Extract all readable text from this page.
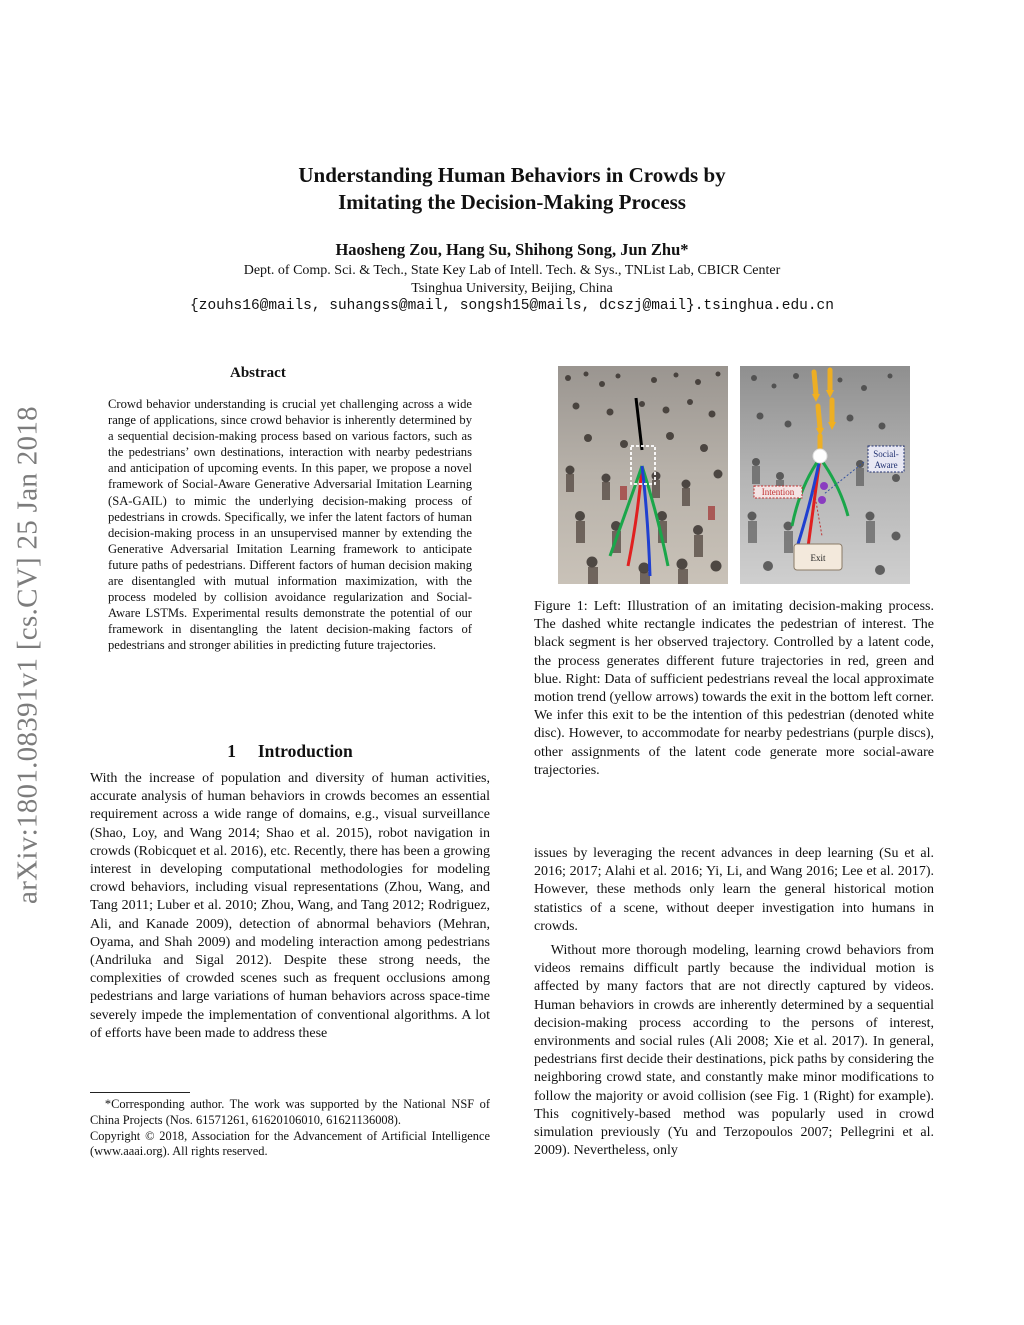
arXiv:1801.08391v1 [cs.CV] 25 Jan 2018
Understanding Human Behaviors in Crowds by
Imitating the Decision-Making Process
Haosheng Zou, Hang Su, Shihong Song, Jun Zhu*
Dept. of Comp. Sci. & Tech., State Key Lab of Intell. Tech. & Sys., TNList Lab, CBICR Center
Tsinghua University, Beijing, China
{zouhs16@mails, suhangss@mail, songsh15@mails, dcszj@mail}.tsinghua.edu.cn
Abstract
Crowd behavior understanding is crucial yet challenging across a wide range of applications, since crowd behavior is inherently determined by a sequential decision-making process based on various factors, such as the pedestrians’ own destinations, interaction with nearby pedestrians and anticipation of upcoming events. In this paper, we propose a novel framework of Social-Aware Generative Adversarial Imitation Learning (SA-GAIL) to mimic the underlying decision-making process of pedestrians in crowds. Specifically, we infer the latent factors of human decision-making process in an unsupervised manner by extending the Generative Adversarial Imitation Learning framework to anticipate future paths of pedestrians. Different factors of human decision making are disentangled with mutual information maximization, with the process modeled by collision avoidance regularization and Social-Aware LSTMs. Experimental results demonstrate the potential of our framework in disentangling the latent decision-making factors of pedestrians and stronger abilities in predicting future trajectories.
1     Introduction
With the increase of population and diversity of human activities, accurate analysis of human behaviors in crowds becomes an essential requirement across a wide range of domains, e.g., visual surveillance (Shao, Loy, and Wang 2014; Shao et al. 2015), robot navigation in crowds (Robicquet et al. 2016), etc. Recently, there has been a growing interest in developing computational methodologies for modeling crowd behaviors, including visual representations (Zhou, Wang, and Tang 2011; Luber et al. 2010; Zhou, Wang, and Tang 2012; Rodriguez, Ali, and Kanade 2009), detection of abnormal behaviors (Mehran, Oyama, and Shah 2009) and modeling interaction among pedestrians (Andriluka and Sigal 2012). Despite these strong needs, the complexities of crowded scenes such as frequent occlusions among pedestrians and large variations of human behaviors across space-time severely impede the implementation of conventional algorithms. A lot of efforts have been made to address these
*Corresponding author. The work was supported by the National NSF of China Projects (Nos. 61571261, 61620106010, 61621136008).
Copyright © 2018, Association for the Advancement of Artificial Intelligence (www.aaai.org). All rights reserved.
Social-
Aware
Intention
Exit
Figure 1: Left: Illustration of an imitating decision-making process. The dashed white rectangle indicates the pedestrian of interest. The black segment is her observed trajectory. Controlled by a latent code, the process generates different future trajectories in red, green and blue. Right: Data of sufficient pedestrians reveal the local approximate motion trend (yellow arrows) towards the exit in the bottom left corner. We infer this exit to be the intention of this pedestrian (denoted white disc). However, to accommodate for nearby pedestrians (purple discs), other assignments of the latent code generate more social-aware trajectories.

issues by leveraging the recent advances in deep learning (Su et al. 2016; 2017; Alahi et al. 2016; Yi, Li, and Wang 2016; Lee et al. 2017). However, these methods only learn the general historical motion statistics of a scene, without deeper investigation into humans in crowds.

Without more thorough modeling, learning crowd behaviors from videos remains difficult partly because the individual motion is affected by many factors that are not directly captured by videos. Human behaviors in crowds are inherently determined by a sequential decision-making process according to the persons of interest, environments and social rules (Ali 2008; Xie et al. 2017). In general, pedestrians first decide their destinations, pick paths by considering the neighboring crowd state, and constantly make minor modifications to follow the majority or avoid collision (see Fig. 1 (Right) for example). This cognitively-based method was popularly used in crowd simulation previously (Yu and Terzopoulos 2007; Pellegrini et al. 2009). Nevertheless, only
